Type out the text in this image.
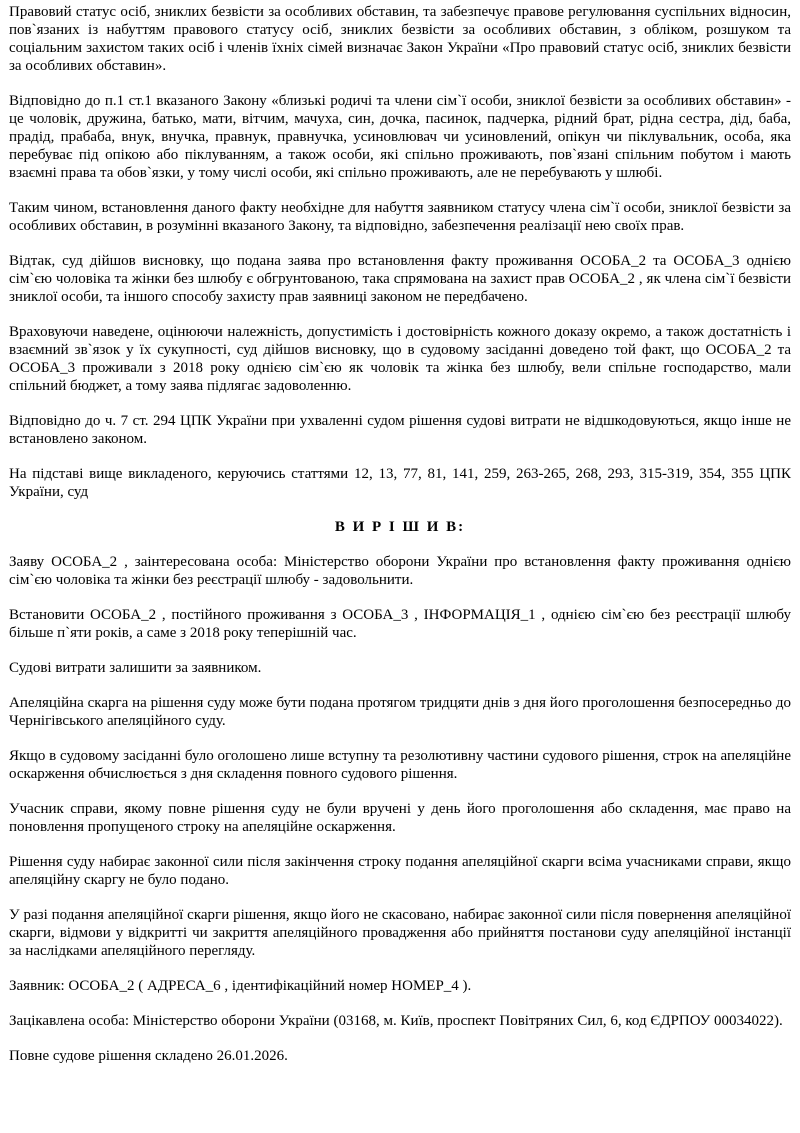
Правовий статус осіб, зниклих безвісти за особливих обставин, та забезпечує правове регулювання суспільних відносин, пов`язаних із набуттям правового статусу осіб, зниклих безвісти за особливих обставин, з обліком, розшуком та соціальним захистом таких осіб і членів їхніх сімей визначає Закон України «Про правовий статус осіб, зниклих безвісти за особливих обставин».

Відповідно до п.1 ст.1 вказаного Закону «близькі родичі та члени сім`ї особи, зниклої безвісти за особливих обставин» - це чоловік, дружина, батько, мати, вітчим, мачуха, син, дочка, пасинок, падчерка, рідний брат, рідна сестра, дід, баба, прадід, прабаба, внук, внучка, правнук, правнучка, усиновлювач чи усиновлений, опікун чи піклувальник, особа, яка перебуває під опікою або піклуванням, а також особи, які спільно проживають, пов`язані спільним побутом і мають взаємні права та обов`язки, у тому числі особи, які спільно проживають, але не перебувають у шлюбі.

Таким чином, встановлення даного факту необхідне для набуття заявником статусу члена сім`ї особи, зниклої безвісти за особливих обставин, в розумінні вказаного Закону, та відповідно, забезпечення реалізації нею своїх прав.

Відтак, суд дійшов висновку, що подана заява про встановлення факту проживання ОСОБА_2 та ОСОБА_3 однією сім`єю чоловіка та жінки без шлюбу є обгрунтованою, така спрямована на захист прав ОСОБА_2 , як члена сім`ї безвісти зниклої особи, та іншого способу захисту прав заявниці законом не передбачено.

Враховуючи наведене, оцінюючи належність, допустимість і достовірність кожного доказу окремо, а також достатність і взаємний зв`язок у їх сукупності, суд дійшов висновку, що в судовому засіданні доведено той факт, що ОСОБА_2 та ОСОБА_3 проживали з 2018 року однією сім`єю як чоловік та жінка без шлюбу, вели спільне господарство, мали спільний бюджет, а тому заява підлягає задоволенню.

Відповідно до ч. 7 ст. 294 ЦПК України при ухваленні судом рішення судові витрати не відшкодовуються, якщо інше не встановлено законом.

На підставі вище викладеного, керуючись статтями 12, 13, 77, 81, 141, 259, 263-265, 268, 293, 315-319, 354, 355 ЦПК України, суд

В И Р І Ш И В:

Заяву ОСОБА_2 , заінтересована особа: Міністерство оборони України про встановлення факту проживання однією сім`єю чоловіка та жінки без реєстрації шлюбу - задовольнити.

Встановити ОСОБА_2 , постійного проживання з ОСОБА_3 , ІНФОРМАЦІЯ_1 , однією сім`єю без реєстрації шлюбу більше п`яти років, а саме з 2018 року теперішній час.

Судові витрати залишити за заявником.

Апеляційна скарга на рішення суду може бути подана протягом тридцяти днів з дня його проголошення безпосередньо до Чернігівського апеляційного суду.

Якщо в судовому засіданні було оголошено лише вступну та резолютивну частини судового рішення, строк на апеляційне оскарження обчислюється з дня складення повного судового рішення.

Учасник справи, якому повне рішення суду не були вручені у день його проголошення або складення, має право на поновлення пропущеного строку на апеляційне оскарження.

Рішення суду набирає законної сили після закінчення строку подання апеляційної скарги всіма учасниками справи, якщо апеляційну скаргу не було подано.

У разі подання апеляційної скарги рішення, якщо його не скасовано, набирає законної сили після повернення апеляційної скарги, відмови у відкритті чи закриття апеляційного провадження або прийняття постанови суду апеляційної інстанції за наслідками апеляційного перегляду.

Заявник: ОСОБА_2 ( АДРЕСА_6 , ідентифікаційний номер НОМЕР_4 ).

Зацікавлена особа: Міністерство оборони України (03168, м. Київ, проспект Повітряних Сил, 6, код ЄДРПОУ 00034022).

Повне судове рішення складено 26.01.2026.
